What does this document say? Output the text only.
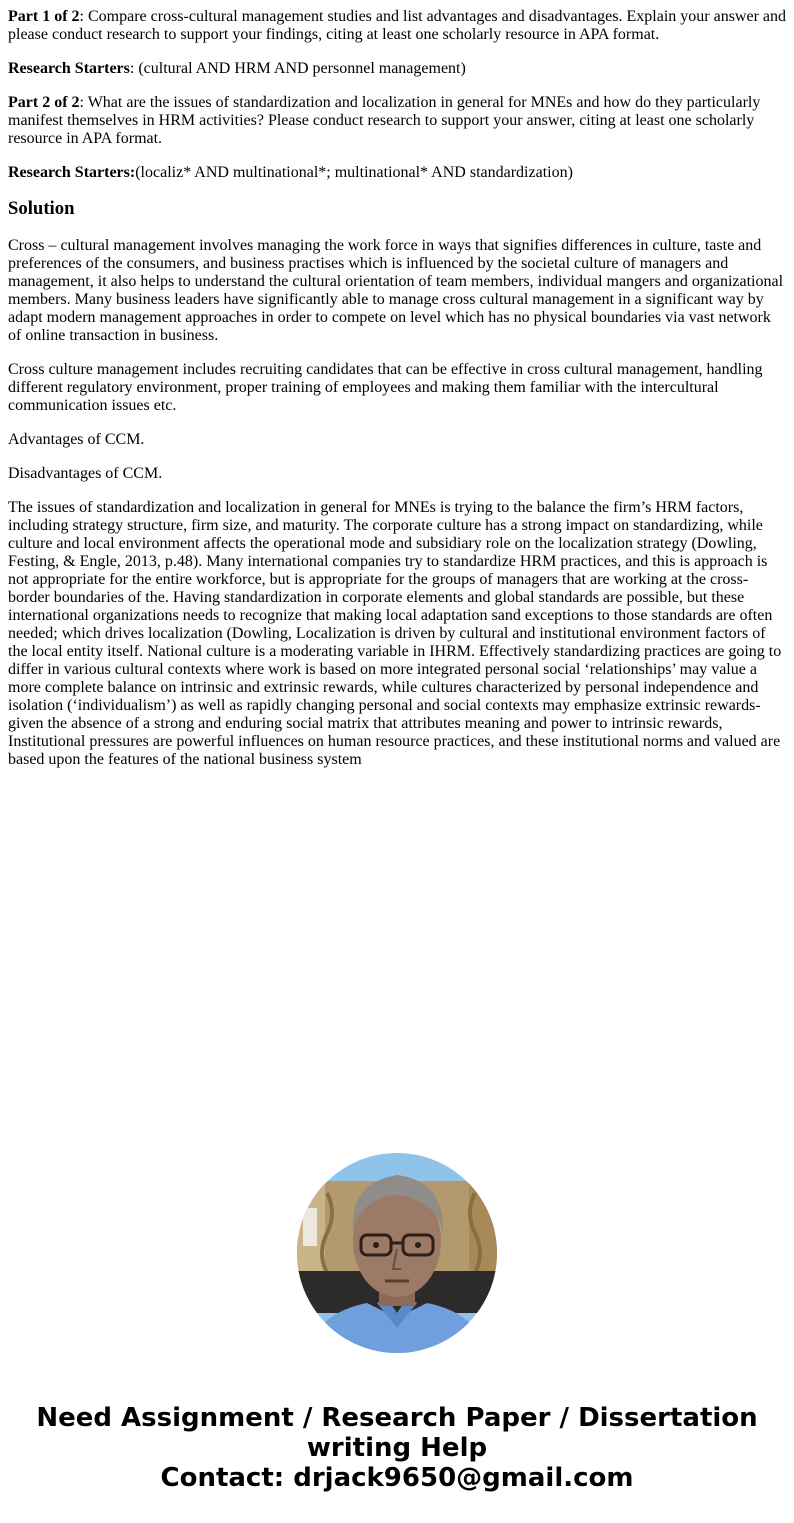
Part 1 of 2: Compare cross-cultural management studies and list advantages and disadvantages. Explain your answer and please conduct research to support your findings, citing at least one scholarly resource in APA format.

Research Starters: (cultural AND HRM AND personnel management)

Part 2 of 2: What are the issues of standardization and localization in general for MNEs and how do they particularly manifest themselves in HRM activities? Please conduct research to support your answer, citing at least one scholarly resource in APA format.

Research Starters:(localiz* AND multinational*; multinational* AND standardization)

Solution

Cross – cultural management involves managing the work force in ways that signifies differences in culture, taste and preferences of the consumers, and business practises which is influenced by the societal culture of managers and management, it also helps to understand the cultural orientation of team members, individual mangers and organizational members. Many business leaders have significantly able to manage cross cultural management in a significant way by adapt modern management approaches in order to compete on level which has no physical boundaries via vast network of online transaction in business.

Cross culture management includes recruiting candidates that can be effective in cross cultural management, handling different regulatory environment, proper training of employees and making them familiar with the intercultural communication issues etc.

Advantages of CCM.

Disadvantages of CCM.

The issues of standardization and localization in general for MNEs is trying to the balance the firm’s HRM factors, including strategy structure, firm size, and maturity. The corporate culture has a strong impact on standardizing, while culture and local environment affects the operational mode and subsidiary role on the localization strategy (Dowling, Festing, & Engle, 2013, p.48). Many international companies try to standardize HRM practices, and this is approach is not appropriate for the entire workforce, but is appropriate for the groups of managers that are working at the cross-border boundaries of the. Having standardization in corporate elements and global standards are possible, but these international organizations needs to recognize that making local adaptation sand exceptions to those standards are often needed; which drives localization (Dowling, Localization is driven by cultural and institutional environment factors of the local entity itself. National culture is a moderating variable in IHRM. Effectively standardizing practices are going to differ in various cultural contexts where work is based on more integrated personal social ‘relationships’ may value a more complete balance on intrinsic and extrinsic rewards, while cultures characterized by personal independence and isolation (‘individualism’) as well as rapidly changing personal and social contexts may emphasize extrinsic rewards-given the absence of a strong and enduring social matrix that attributes meaning and power to intrinsic rewards, Institutional pressures are powerful influences on human resource practices, and these institutional norms and valued are based upon the features of the national business system

Need Assignment / Research Paper / Dissertation
writing Help
Contact: drjack9650@gmail.com
